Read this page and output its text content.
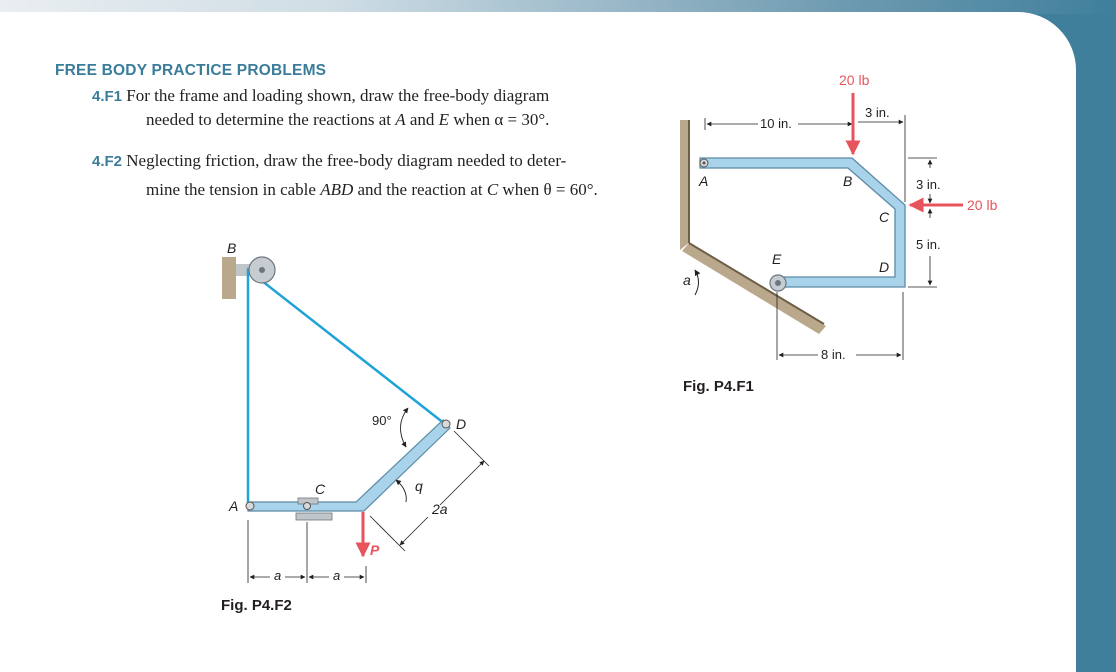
FREE BODY PRACTICE PROBLEMS
4.F1 For the frame and loading shown, draw the free-body diagram
needed to determine the reactions at A and E when α = 30°.
4.F2 Neglecting friction, draw the free-body diagram needed to deter-
mine the tension in cable ABD and the reaction at C when θ = 60°.	A	B
C
D
E
a
10 in.
3 in.
20 lb
20 lb
3 in.
5 in.
8 in.
Fig. P4.F1
B
A
C
D
90°
q
2a
P
a	a
Fig. P4.F2
